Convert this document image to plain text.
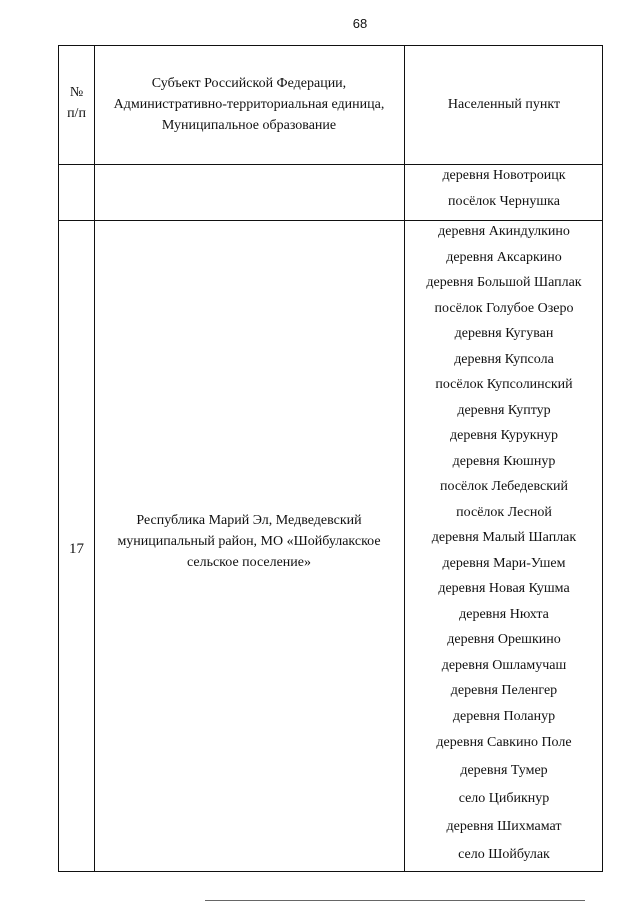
68
№
п/п
Субъект Российской Федерации,
Административно-территориальная единица,
Муниципальное образование
Населенный пункт
деревня Новотроицк
посёлок Чернушка
17
Республика Марий Эл, Медведевский муниципальный район, МО «Шойбулакское сельское поселение»
деревня Акиндулкино
деревня Аксаркино
деревня Большой Шаплак
посёлок Голубое Озеро
деревня Кугуван
деревня Купсола
посёлок Купсолинский
деревня Куптур
деревня Курукнур
деревня Кюшнур
посёлок Лебедевский
посёлок Лесной
деревня Малый Шаплак
деревня Мари-Ушем
деревня Новая Кушма
деревня Нюхта
деревня Орешкино
деревня Ошламучаш
деревня Пеленгер
деревня Поланур
деревня Савкино Поле
деревня Тумер
село Цибикнур
деревня Шихмамат
село Шойбулак
